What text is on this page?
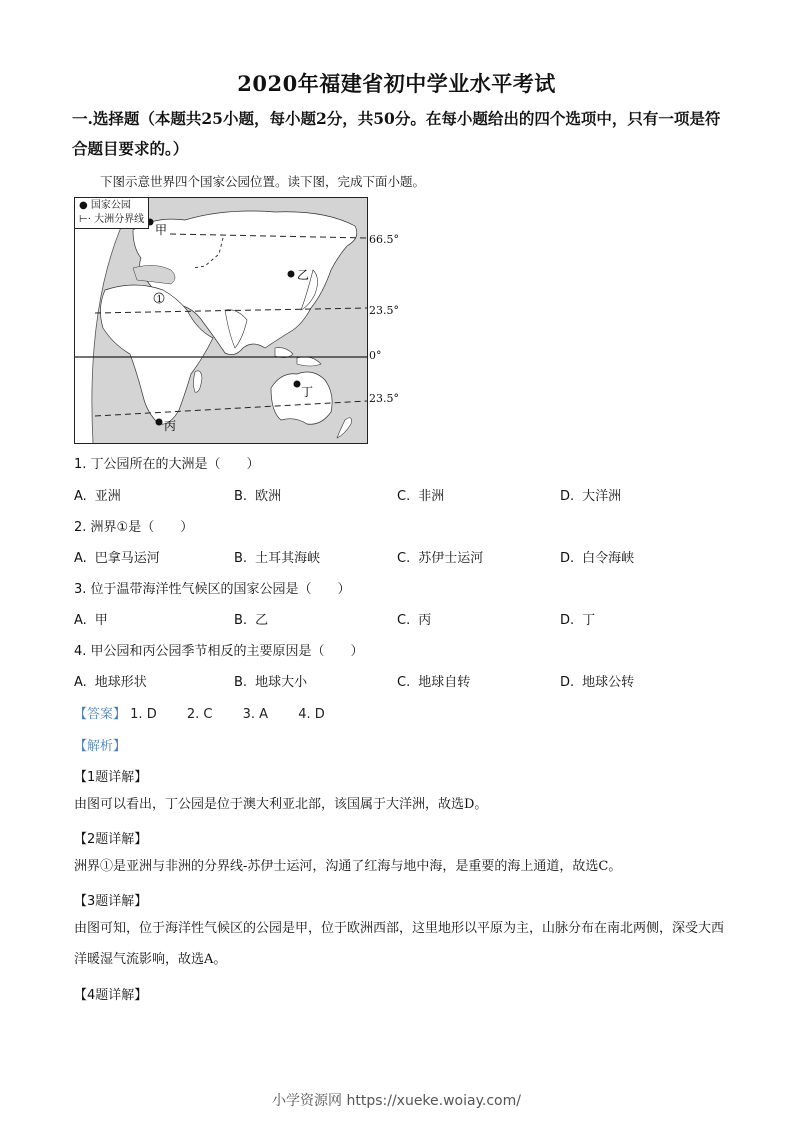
2020年福建省初中学业水平考试
一.选择题（本题共25小题，每小题2分，共50分。在每小题给出的四个选项中，只有一项是符合题目要求的。）
下图示意世界四个国家公园位置。读下图，完成下面小题。
甲
乙
丙
丁
1
● 国家公园
⊢· 大洲分界线
66.5°
23.5°
0°
23.5°
1. 丁公园所在的大洲是（　　）
A. 亚洲	B. 欧洲	C. 非洲	D. 大洋洲
2. 洲界①是（　　）
A. 巴拿马运河	B. 土耳其海峡	C. 苏伊士运河	D. 白令海峡
3. 位于温带海洋性气候区的国家公园是（　　）
A. 甲	B. 乙	C. 丙	D. 丁
4. 甲公园和丙公园季节相反的主要原因是（　　）
A. 地球形状	B. 地球大小	C. 地球自转	D. 地球公转
【答案】 1. D 2. C 3. A 4. D
【解析】
【1题详解】
由图可以看出，丁公园是位于澳大利亚北部，该国属于大洋洲，故选D。
【2题详解】
洲界①是亚洲与非洲的分界线-苏伊士运河，沟通了红海与地中海，是重要的海上通道，故选C。
【3题详解】
由图可知，位于海洋性气候区的公园是甲，位于欧洲西部，这里地形以平原为主，山脉分布在南北两侧，深受大西洋暖湿气流影响，故选A。
【4题详解】
小学资源网 https://xueke.woiay.com/
